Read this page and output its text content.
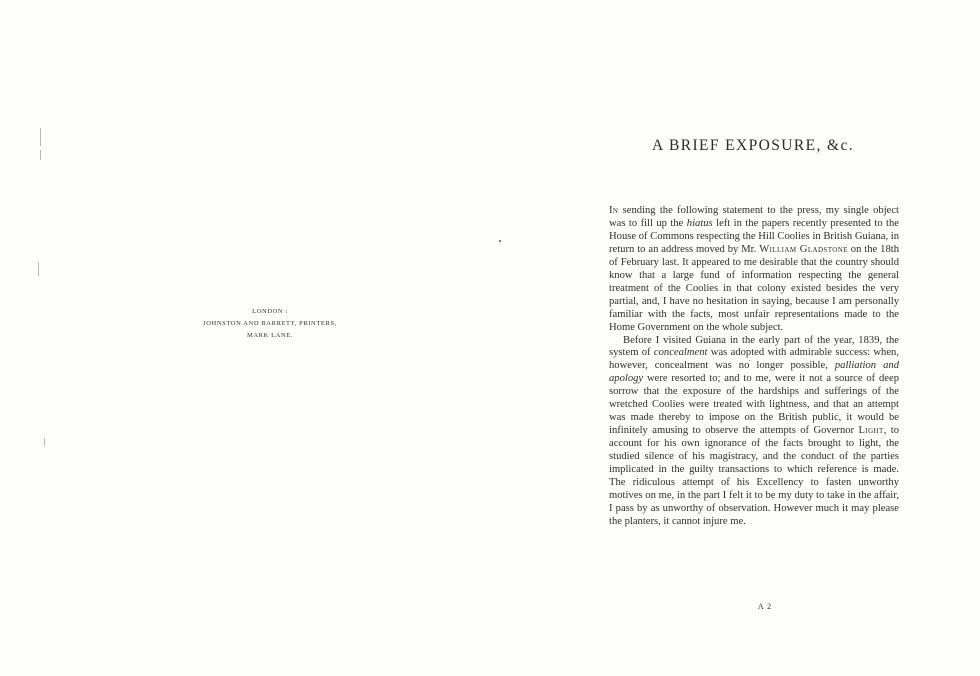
LONDON :
JOHNSTON AND BARRETT, PRINTERS,
MARK LANE.
A BRIEF EXPOSURE, &c.

In sending the following statement to the press, my single object was to fill up the hiatus left in the papers recently presented to the House of Commons respecting the Hill Coolies in British Guiana, in return to an address moved by Mr. William Gladstone on the 18th of February last. It appeared to me desirable that the country should know that a large fund of information respecting the general treatment of the Coolies in that colony existed besides the very partial, and, I have no hesitation in saying, because I am personally familiar with the facts, most unfair representations made to the Home Government on the whole subject.

Before I visited Guiana in the early part of the year, 1839, the system of concealment was adopted with admirable success: when, however, concealment was no longer possible, palliation and apology were resorted to; and to me, were it not a source of deep sorrow that the exposure of the hardships and sufferings of the wretched Coolies were treated with lightness, and that an attempt was made thereby to impose on the British public, it would be infinitely amusing to observe the attempts of Governor Light, to account for his own ignorance of the facts brought to light, the studied silence of his magistracy, and the conduct of the parties implicated in the guilty transactions to which reference is made. The ridiculous attempt of his Excellency to fasten unworthy motives on me, in the part I felt it to be my duty to take in the affair, I pass by as unworthy of observation. However much it may please the planters, it cannot injure me.

A 2
